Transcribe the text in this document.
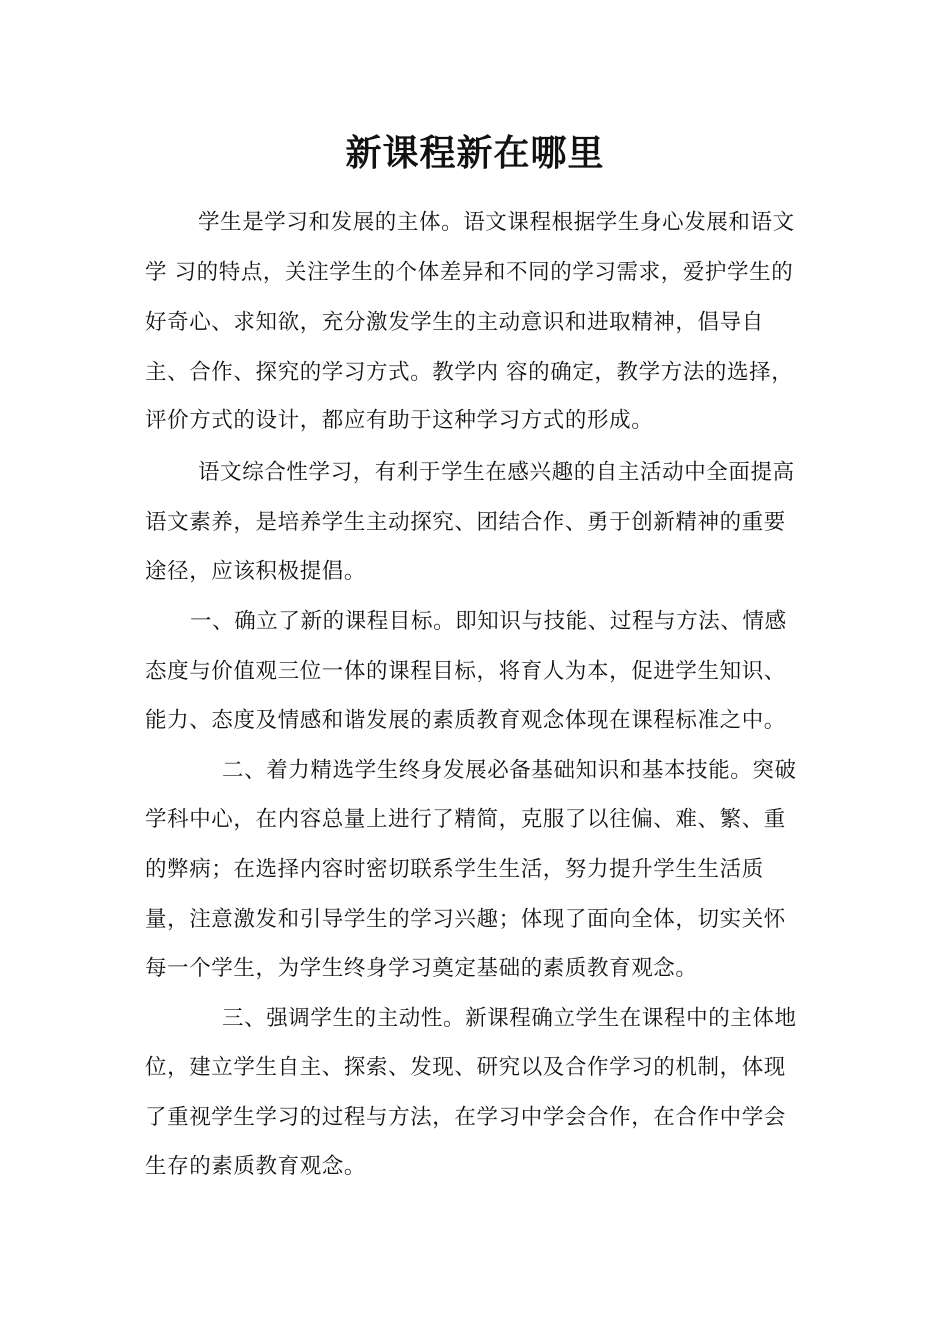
新课程新在哪里
学生是学习和发展的主体。语文课程根据学生身心发展和语文
学 习的特点，关注学生的个体差异和不同的学习需求，爱护学生的
好奇心、求知欲，充分激发学生的主动意识和进取精神，倡导自
主、合作、探究的学习方式。教学内 容的确定，教学方法的选择，
评价方式的设计，都应有助于这种学习方式的形成。
语文综合性学习，有利于学生在感兴趣的自主活动中全面提高
语文素养，是培养学生主动探究、团结合作、勇于创新精神的重要
途径，应该积极提倡。
一、确立了新的课程目标。即知识与技能、过程与方法、情感
态度与价值观三位一体的课程目标，将育人为本，促进学生知识、
能力、态度及情感和谐发展的素质教育观念体现在课程标准之中。
二、着力精选学生终身发展必备基础知识和基本技能。突破
学科中心，在内容总量上进行了精简，克服了以往偏、难、繁、重
的弊病；在选择内容时密切联系学生生活，努力提升学生生活质
量，注意激发和引导学生的学习兴趣；体现了面向全体，切实关怀
每一个学生，为学生终身学习奠定基础的素质教育观念。
三、强调学生的主动性。新课程确立学生在课程中的主体地
位，建立学生自主、探索、发现、研究以及合作学习的机制，体现
了重视学生学习的过程与方法，在学习中学会合作，在合作中学会
生存的素质教育观念。
